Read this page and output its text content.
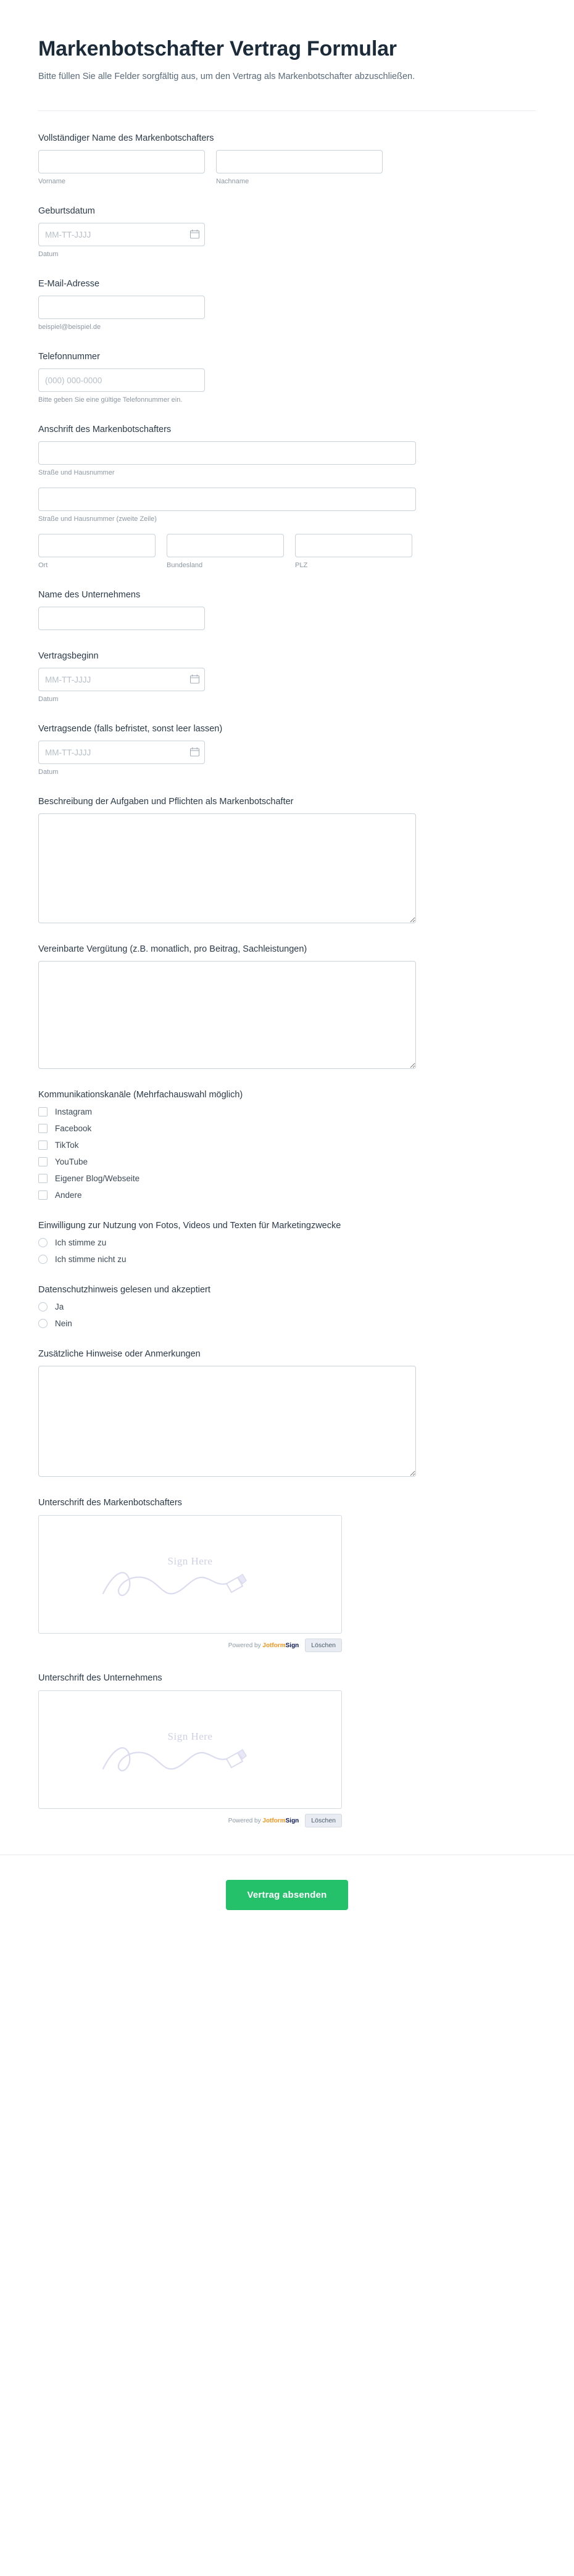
Markenbotschafter Vertrag Formular

Bitte füllen Sie alle Felder sorgfältig aus, um den Vertrag als Markenbotschafter abzuschließen.

Vollständiger Name des Markenbotschafters
Vorname	Nachname
Geburtsdatum
MM-TT-JJJJ
Datum
E-Mail-Adresse
beispiel@beispiel.de
Telefonnummer
(000) 000-0000
Bitte geben Sie eine gültige Telefonnummer ein.
Anschrift des Markenbotschafters
Straße und Hausnummer
Straße und Hausnummer (zweite Zeile)
Ort	Bundesland	PLZ
Name des Unternehmens
Vertragsbeginn
MM-TT-JJJJ
Datum
Vertragsende (falls befristet, sonst leer lassen)
MM-TT-JJJJ
Datum
Beschreibung der Aufgaben und Pflichten als Markenbotschafter
Vereinbarte Vergütung (z.B. monatlich, pro Beitrag, Sachleistungen)
Kommunikationskanäle (Mehrfachauswahl möglich)
Instagram
Facebook
TikTok
YouTube
Eigener Blog/Webseite
Andere
Einwilligung zur Nutzung von Fotos, Videos und Texten für Marketingzwecke
Ich stimme zu
Ich stimme nicht zu
Datenschutzhinweis gelesen und akzeptiert
Ja
Nein
Zusätzliche Hinweise oder Anmerkungen
Unterschrift des Markenbotschafters
Sign Here
Powered by JotformSign	Löschen
Unterschrift des Unternehmens
Sign Here
Powered by JotformSign	Löschen
Vertrag absenden
